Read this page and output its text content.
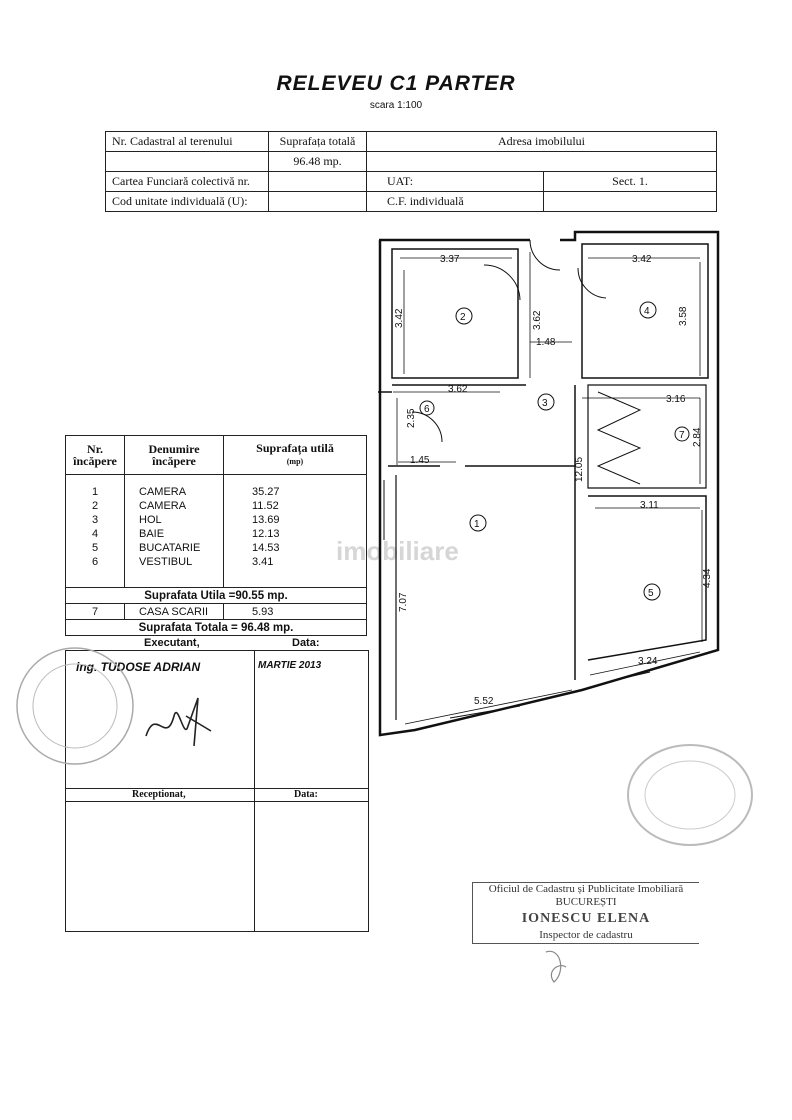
RELEVEU C1 PARTER
scara 1:100
Nr. Cadastral al terenului	Suprafața totală	Adresa imobilului	
	96.48 mp.		
Cartea Funciară colectivă nr.		UAT:	Sect. 1.
Cod unitate individuală (U):		C.F. individuală	
Nr.
încăpere	Denumire încăpere	Suprafața utilă
(mp)
1	CAMERA	35.27
2	CAMERA	11.52
3	HOL	13.69
4	BAIE	12.13
5	BUCATARIE	14.53
6	VESTIBUL	3.41

Suprafata Utila =90.55 mp.		
7	CASA SCARII	5.93
Suprafata Totala = 96.48 mp.		
Executant,	Data:
ing. TUDOSE ADRIAN	MARTIE 2013
Receptionat,	Data:
Oficiul de Cadastru și Publicitate Imobiliară
BUCUREȘTI
IONESCU ELENA
Inspector de cadastru
imobiliare
2
4
3
6
7
1
5
3.37
3.42	3.62
3.42
3.58
1.48
3.62
2.35
1.45
3.16
2.84
12.05
3.11
7.07
4.34
3.24
5.52
